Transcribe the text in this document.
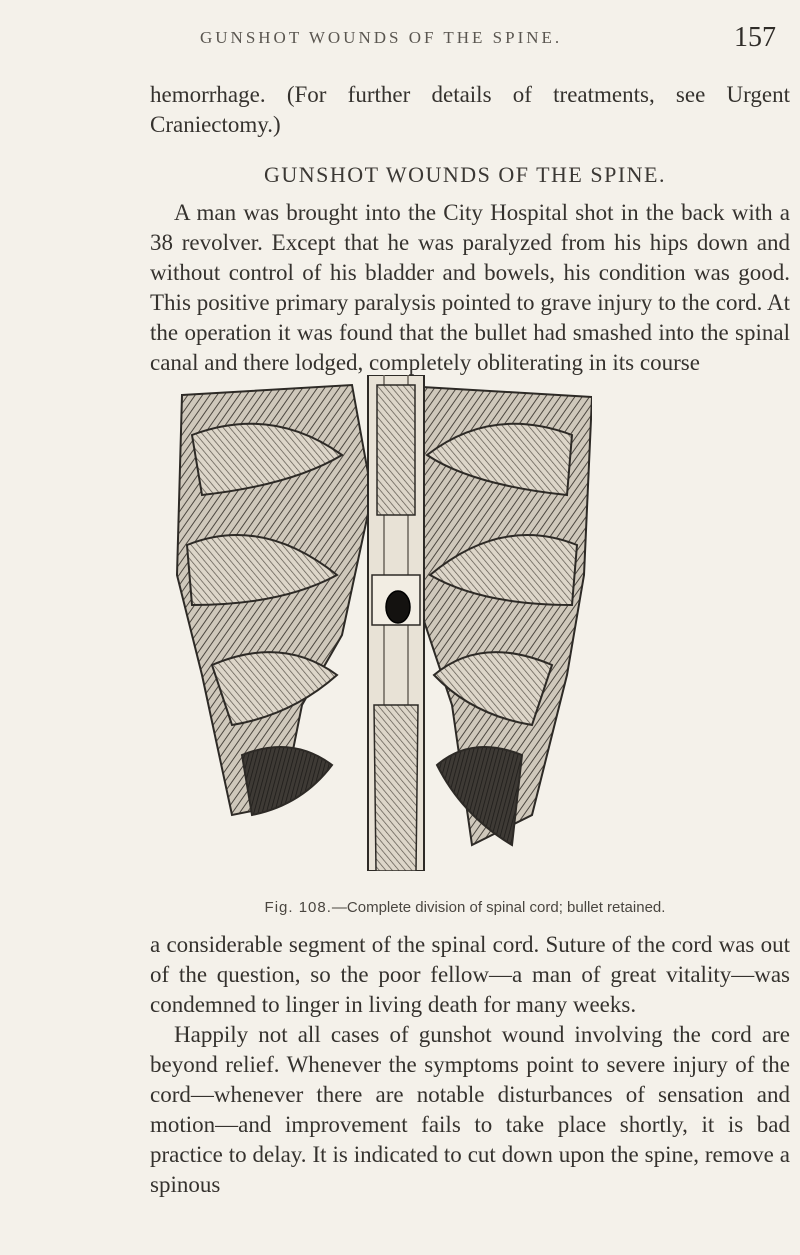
GUNSHOT WOUNDS OF THE SPINE.	157

hemorrhage. (For further details of treatments, see Urgent Craniectomy.)

GUNSHOT WOUNDS OF THE SPINE.

A man was brought into the City Hospital shot in the back with a 38 revolver. Except that he was paralyzed from his hips down and without control of his bladder and bowels, his condition was good. This positive primary paralysis pointed to grave injury to the cord. At the operation it was found that the bullet had smashed into the spinal canal and there lodged, completely obliterating in its course

Fig. 108.—Complete division of spinal cord; bullet retained.

a considerable segment of the spinal cord. Suture of the cord was out of the question, so the poor fellow—a man of great vitality—was condemned to linger in living death for many weeks.

Happily not all cases of gunshot wound involving the cord are beyond relief. Whenever the symptoms point to severe injury of the cord—whenever there are notable disturbances of sensation and motion—and improvement fails to take place shortly, it is bad practice to delay. It is indicated to cut down upon the spine, remove a spinous
